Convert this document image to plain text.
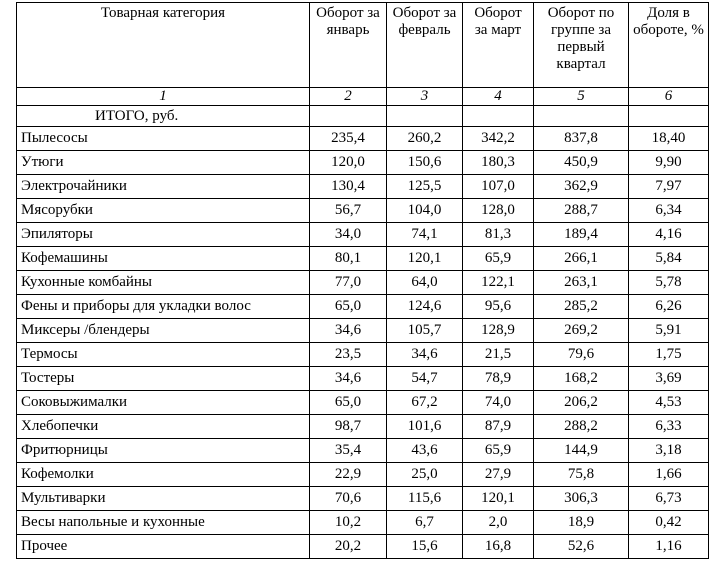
Товарная категория	Оборот за январь	Оборот за февраль	Оборот за март	Оборот по группе за первый квартал	Доля в обороте, %
1	2	3	4	5	6
ИТОГО, руб.					
Пылесосы	235,4	260,2	342,2	837,8	18,40
Утюги	120,0	150,6	180,3	450,9	9,90
Электрочайники	130,4	125,5	107,0	362,9	7,97
Мясорубки	56,7	104,0	128,0	288,7	6,34
Эпиляторы	34,0	74,1	81,3	189,4	4,16
Кофемашины	80,1	120,1	65,9	266,1	5,84
Кухонные комбайны	77,0	64,0	122,1	263,1	5,78
Фены и приборы для укладки волос	65,0	124,6	95,6	285,2	6,26
Миксеры /блендеры	34,6	105,7	128,9	269,2	5,91
Термосы	23,5	34,6	21,5	79,6	1,75
Тостеры	34,6	54,7	78,9	168,2	3,69
Соковыжималки	65,0	67,2	74,0	206,2	4,53
Хлебопечки	98,7	101,6	87,9	288,2	6,33
Фритюрницы	35,4	43,6	65,9	144,9	3,18
Кофемолки	22,9	25,0	27,9	75,8	1,66
Мультиварки	70,6	115,6	120,1	306,3	6,73
Весы напольные и кухонные	10,2	6,7	2,0	18,9	0,42
Прочее	20,2	15,6	16,8	52,6	1,16
